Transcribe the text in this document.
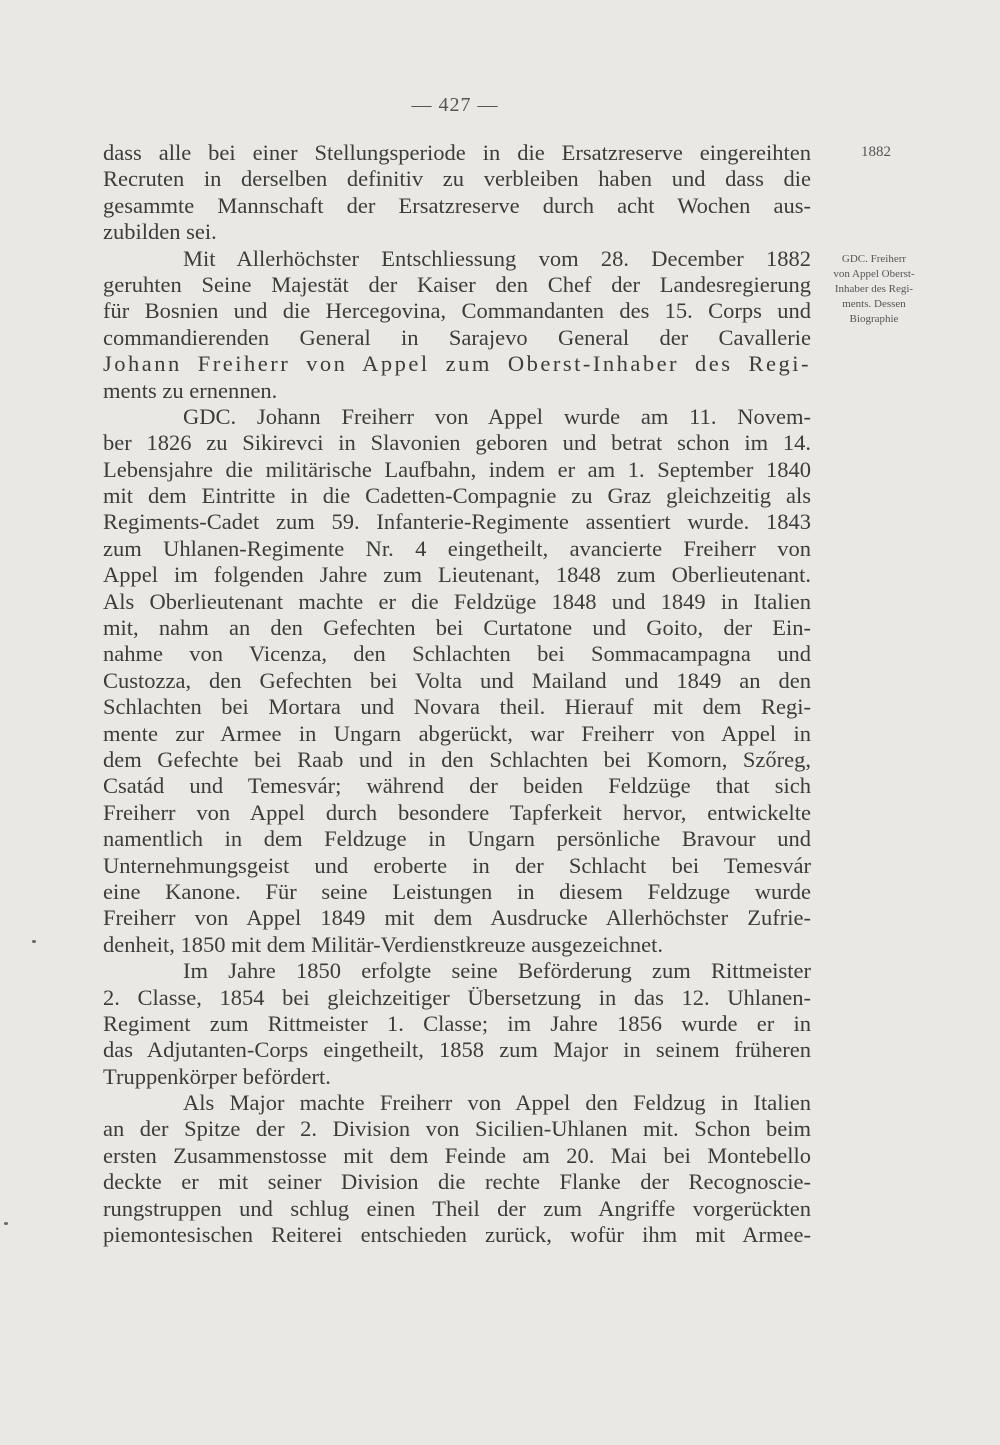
— 427 —
1882
GDC. Freiherr
von Appel Oberst-
Inhaber des Regi-
ments. Dessen
Biographie
dass alle bei einer Stellungsperiode in die Ersatzreserve eingereihten
Recruten in derselben definitiv zu verbleiben haben und dass die
gesammte Mannschaft der Ersatzreserve durch acht Wochen aus-
zubilden sei.
Mit Allerhöchster Entschliessung vom 28. December 1882
geruhten Seine Majestät der Kaiser den Chef der Landesregierung
für Bosnien und die Hercegovina, Commandanten des 15. Corps und
commandierenden General in Sarajevo General der Cavallerie
Johann Freiherr von Appel zum Oberst-Inhaber des Regi-
ments zu ernennen.
GDC. Johann Freiherr von Appel wurde am 11. Novem-
ber 1826 zu Sikirevci in Slavonien geboren und betrat schon im 14.
Lebensjahre die militärische Laufbahn, indem er am 1. September 1840
mit dem Eintritte in die Cadetten-Compagnie zu Graz gleichzeitig als
Regiments-Cadet zum 59. Infanterie-Regimente assentiert wurde. 1843
zum Uhlanen-Regimente Nr. 4 eingetheilt, avancierte Freiherr von
Appel im folgenden Jahre zum Lieutenant, 1848 zum Oberlieutenant.
Als Oberlieutenant machte er die Feldzüge 1848 und 1849 in Italien
mit, nahm an den Gefechten bei Curtatone und Goito, der Ein-
nahme von Vicenza, den Schlachten bei Sommacampagna und
Custozza, den Gefechten bei Volta und Mailand und 1849 an den
Schlachten bei Mortara und Novara theil. Hierauf mit dem Regi-
mente zur Armee in Ungarn abgerückt, war Freiherr von Appel in
dem Gefechte bei Raab und in den Schlachten bei Komorn, Szőreg,
Csatád und Temesvár; während der beiden Feldzüge that sich
Freiherr von Appel durch besondere Tapferkeit hervor, entwickelte
namentlich in dem Feldzuge in Ungarn persönliche Bravour und
Unternehmungsgeist und eroberte in der Schlacht bei Temesvár
eine Kanone. Für seine Leistungen in diesem Feldzuge wurde
Freiherr von Appel 1849 mit dem Ausdrucke Allerhöchster Zufrie-
denheit, 1850 mit dem Militär-Verdienstkreuze ausgezeichnet.
Im Jahre 1850 erfolgte seine Beförderung zum Rittmeister
2. Classe, 1854 bei gleichzeitiger Übersetzung in das 12. Uhlanen-
Regiment zum Rittmeister 1. Classe; im Jahre 1856 wurde er in
das Adjutanten-Corps eingetheilt, 1858 zum Major in seinem früheren
Truppenkörper befördert.
Als Major machte Freiherr von Appel den Feldzug in Italien
an der Spitze der 2. Division von Sicilien-Uhlanen mit. Schon beim
ersten Zusammenstosse mit dem Feinde am 20. Mai bei Montebello
deckte er mit seiner Division die rechte Flanke der Recognoscie-
rungstruppen und schlug einen Theil der zum Angriffe vorgerückten
piemontesischen Reiterei entschieden zurück, wofür ihm mit Armee-
